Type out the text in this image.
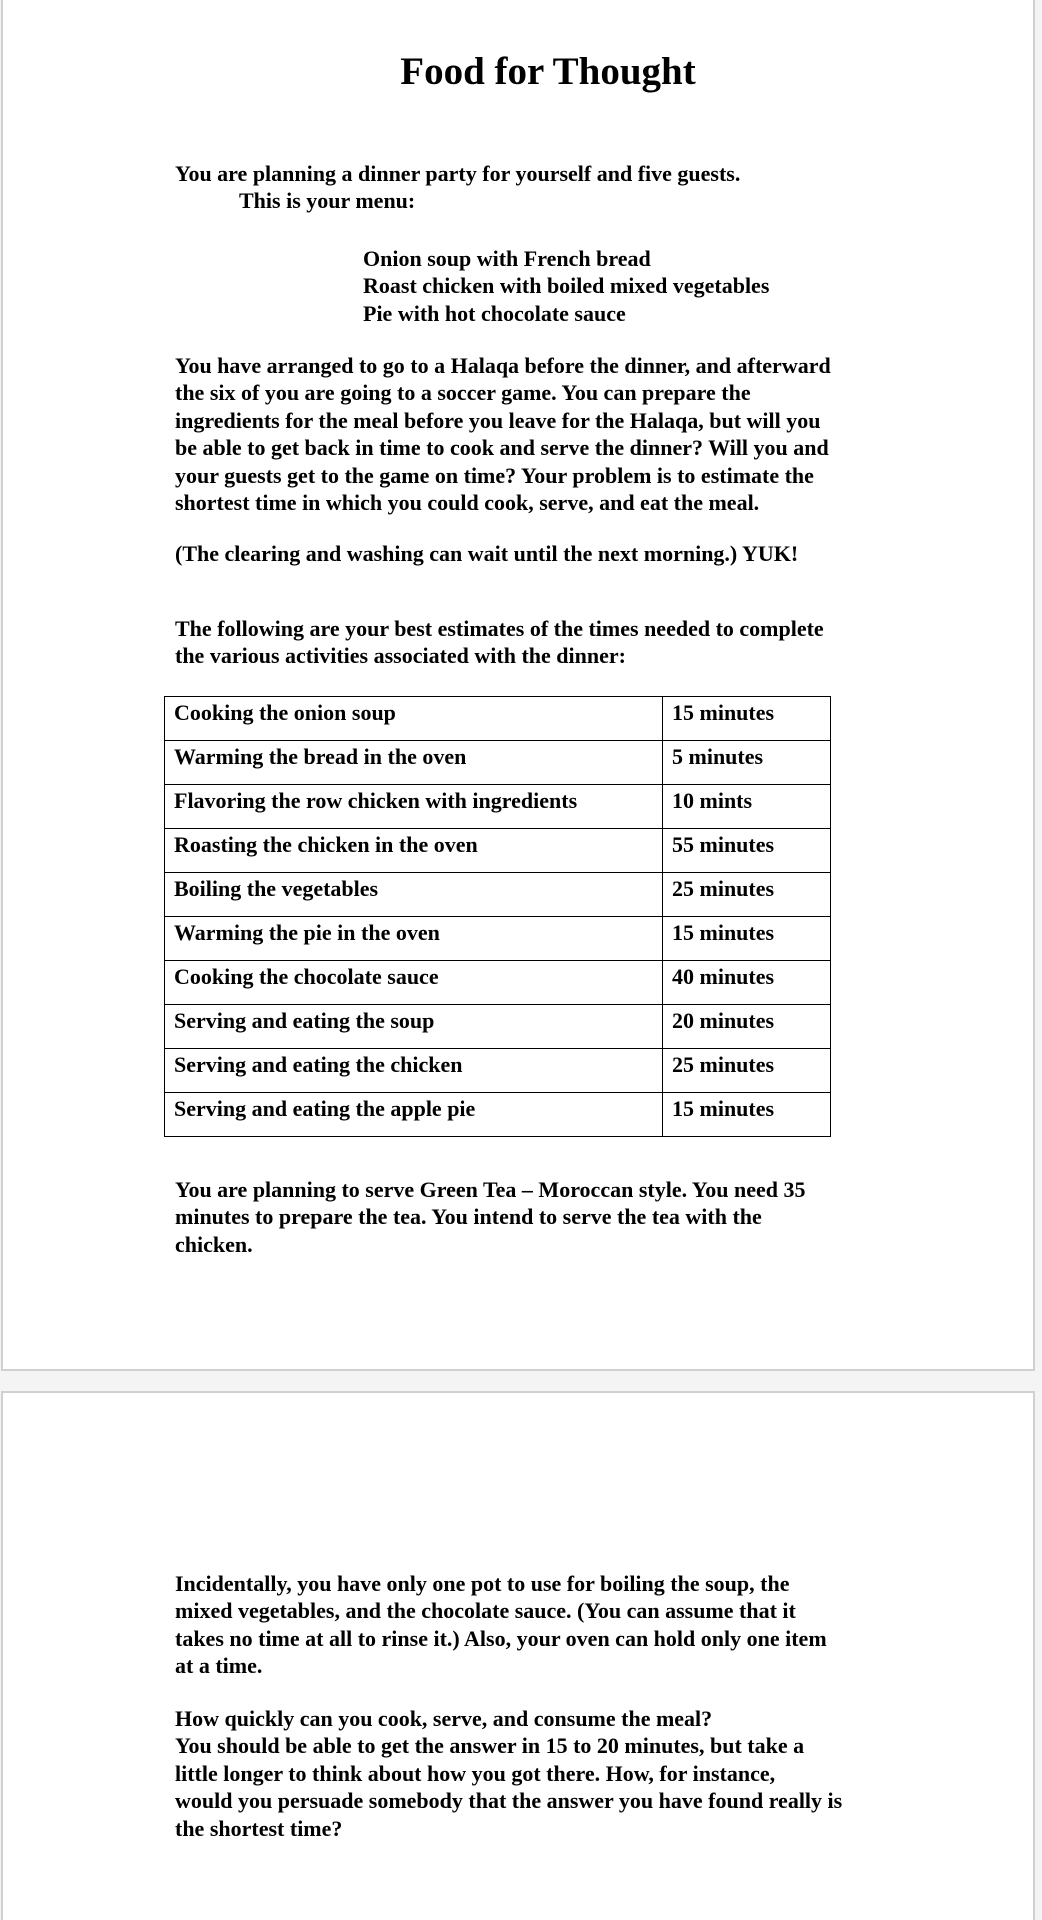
Food for Thought
You are planning a dinner party for yourself and five guests.
This is your menu:
Onion soup with French bread
Roast chicken with boiled mixed vegetables
Pie with hot chocolate sauce
You have arranged to go to a Halaqa before the dinner, and afterward
the six of you are going to a soccer game. You can prepare the
ingredients for the meal before you leave for the Halaqa, but will you
be able to get back in time to cook and serve the dinner? Will you and
your guests get to the game on time? Your problem is to estimate the
shortest time in which you could cook, serve, and eat the meal.
(The clearing and washing can wait until the next morning.) YUK!
The following are your best estimates of the times needed to complete
the various activities associated with the dinner:
Cooking the onion soup	15 minutes
Warming the bread in the oven	5 minutes
Flavoring the row chicken with ingredients	10 mints
Roasting the chicken in the oven	55 minutes
Boiling the vegetables	25 minutes
Warming the pie in the oven	15 minutes
Cooking the chocolate sauce	40 minutes
Serving and eating the soup	20 minutes
Serving and eating the chicken	25 minutes
Serving and eating the apple pie	15 minutes
You are planning to serve Green Tea – Moroccan style. You need 35
minutes to prepare the tea. You intend to serve the tea with the
chicken.
Incidentally, you have only one pot to use for boiling the soup, the
mixed vegetables, and the chocolate sauce. (You can assume that it
takes no time at all to rinse it.) Also, your oven can hold only one item
at a time.
How quickly can you cook, serve, and consume the meal?
You should be able to get the answer in 15 to 20 minutes, but take a
little longer to think about how you got there. How, for instance,
would you persuade somebody that the answer you have found really is
the shortest time?
